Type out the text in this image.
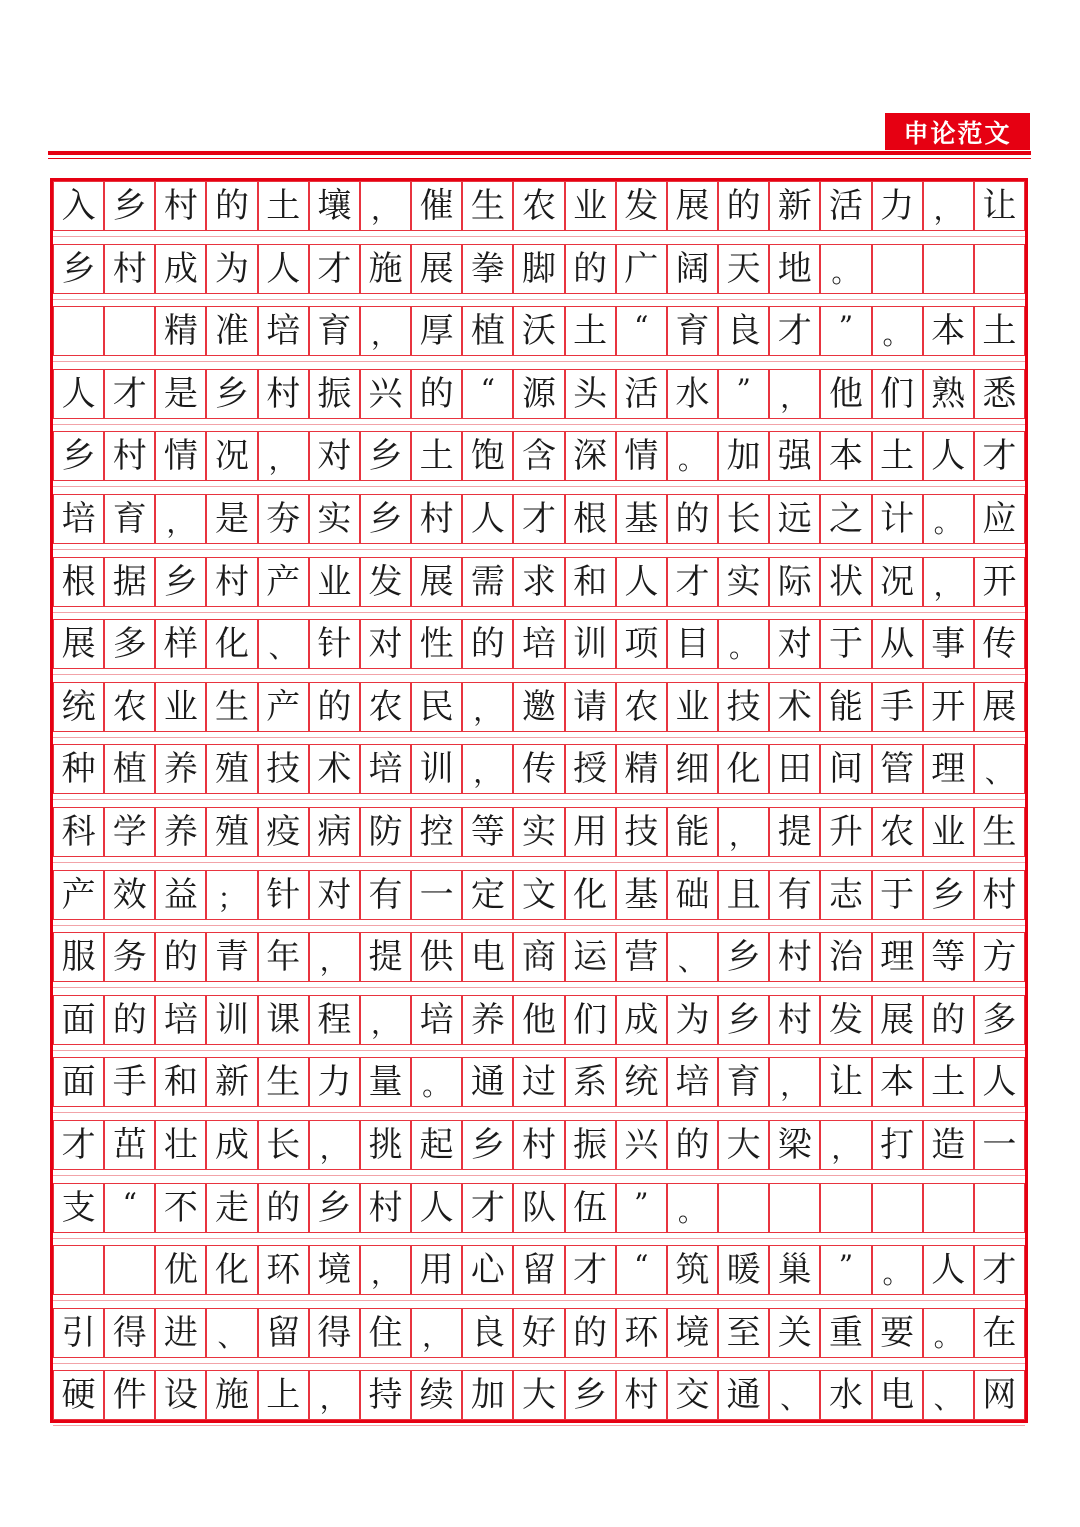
申论范文
入 乡 村 的 土 壤 ， 催 生 农 业 发 展 的 新 活 力 ， 让
乡 村 成 为 人 才 施 展 拳 脚 的 广 阔 天 地 。
精 准 培 育 ， 厚 植 沃 土 “ 育 良 才 ”	。 本 土
人 才 是 乡 村 振 兴 的 “ 源 头 活 水 ”	， 他 们 熟 悉
乡 村 情 况 ， 对 乡 土 饱 含 深 情 。 加 强 本 土 人 才
培 育 ， 是 夯 实 乡 村 人 才 根 基 的 长 远 之 计 。 应
根 据 乡 村 产 业 发 展 需 求 和 人 才 实 际 状 况 ， 开
展 多 样 化 、 针 对 性 的 培 训 项 目 。 对 于 从 事 传
统 农 业 生 产 的 农 民 ， 邀 请 农 业 技 术 能 手 开 展
种 植 养 殖 技 术 培 训 ， 传 授 精 细 化 田 间 管 理 、
科 学 养 殖 疫 病 防 控 等 实 用 技 能 ， 提 升 农 业 生
产 效 益 ； 针 对 有 一 定 文 化 基 础 且 有 志 于 乡 村
服 务 的 青 年 ， 提 供 电 商 运 营 、 乡 村 治 理 等 方
面 的 培 训 课 程 ， 培 养 他 们 成 为 乡 村 发 展 的 多
面 手 和 新 生 力 量 。 通 过 系 统 培 育 ， 让 本 土 人
才 茁 壮 成 长 ， 挑 起 乡 村 振 兴 的 大 梁 ， 打 造 一
支 “ 不 走 的 乡 村 人 才 队 伍 ”	。
优 化 环 境 ， 用 心 留 才 “ 筑 暖 巢 ”	。 人 才
引 得 进 、 留 得 住 ， 良 好 的 环 境 至 关 重 要 。 在
硬 件 设 施 上 ， 持 续 加 大 乡 村 交 通 、 水 电 、 网
